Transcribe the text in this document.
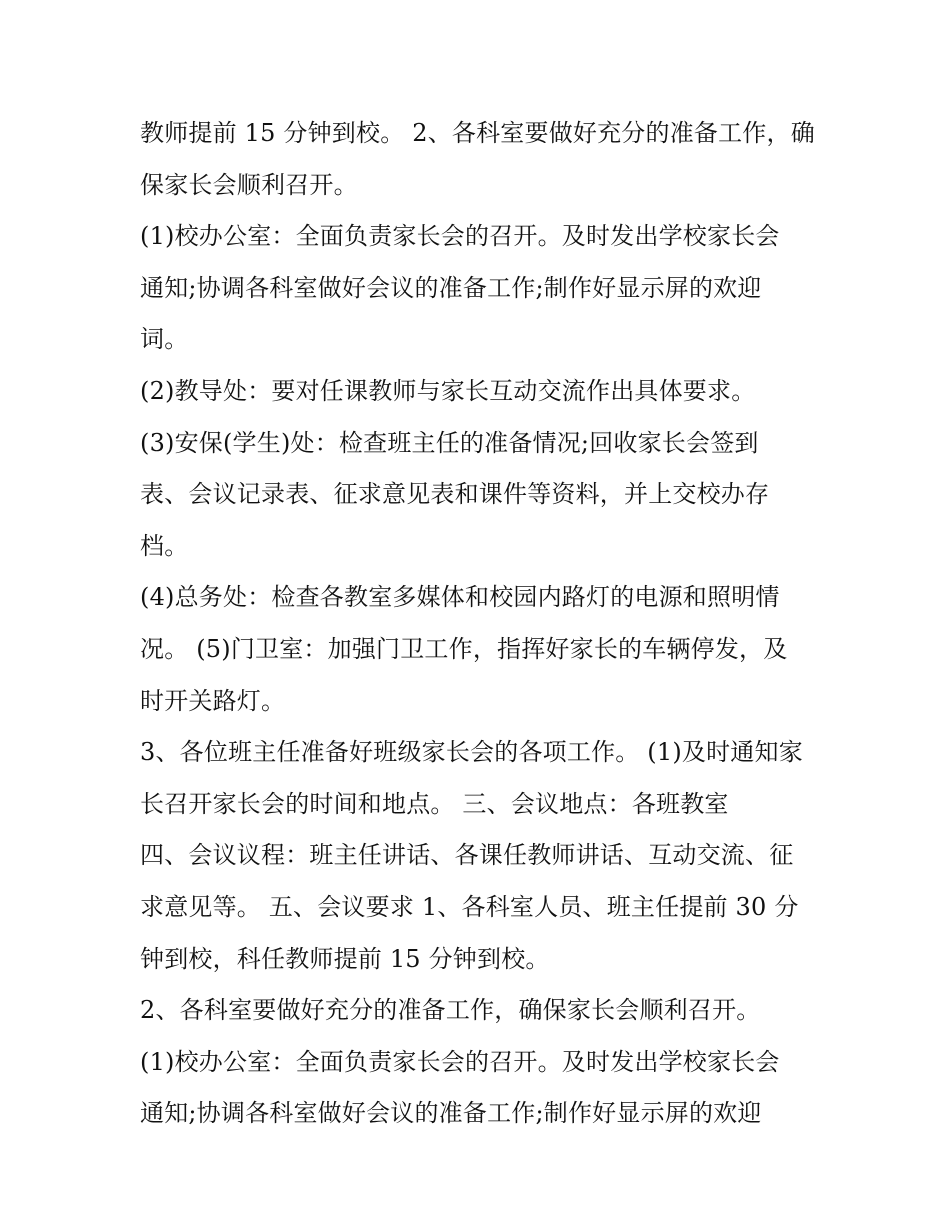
教师提前 15 分钟到校。 2、各科室要做好充分的准备工作，确
保家长会顺利召开。
(1)校办公室：全面负责家长会的召开。及时发出学校家长会
通知;协调各科室做好会议的准备工作;制作好显示屏的欢迎
词。
(2)教导处：要对任课教师与家长互动交流作出具体要求。
(3)安保(学生)处：检查班主任的准备情况;回收家长会签到
表、会议记录表、征求意见表和课件等资料，并上交校办存
档。
(4)总务处：检查各教室多媒体和校园内路灯的电源和照明情
况。 (5)门卫室：加强门卫工作，指挥好家长的车辆停发，及
时开关路灯。
3、各位班主任准备好班级家长会的各项工作。 (1)及时通知家
长召开家长会的时间和地点。 三、会议地点：各班教室
四、会议议程：班主任讲话、各课任教师讲话、互动交流、征
求意见等。 五、会议要求 1、各科室人员、班主任提前 30 分
钟到校，科任教师提前 15 分钟到校。
2、各科室要做好充分的准备工作，确保家长会顺利召开。
(1)校办公室：全面负责家长会的召开。及时发出学校家长会
通知;协调各科室做好会议的准备工作;制作好显示屏的欢迎
